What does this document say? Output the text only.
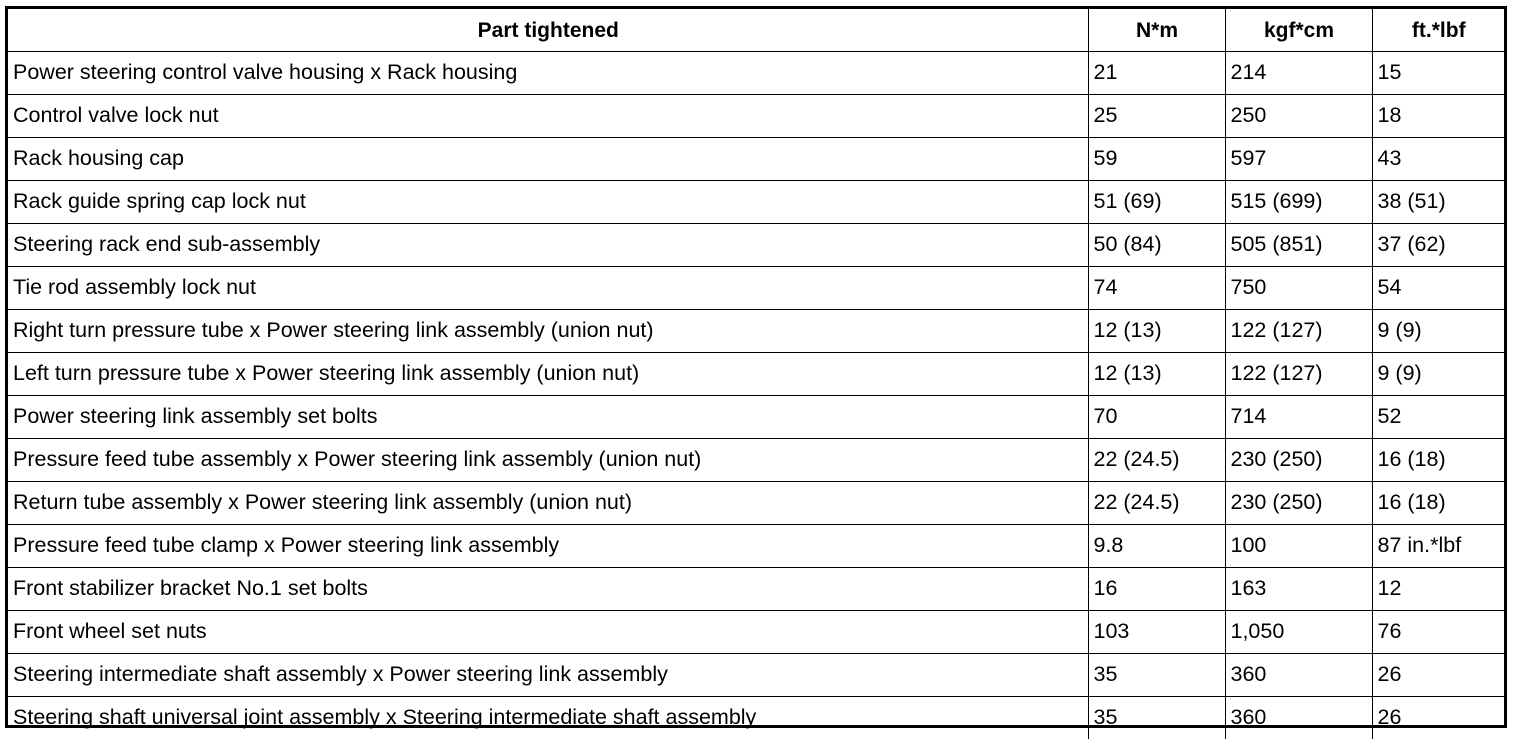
Part tightened	N*m	kgf*cm	ft.*lbf
Power steering control valve housing x Rack housing	21	214	15
Control valve lock nut	25	250	18
Rack housing cap	59	597	43
Rack guide spring cap lock nut	51 (69)	515 (699)	38 (51)
Steering rack end sub-assembly	50 (84)	505 (851)	37 (62)
Tie rod assembly lock nut	74	750	54
Right turn pressure tube x Power steering link assembly (union nut)	12 (13)	122 (127)	9 (9)
Left turn pressure tube x Power steering link assembly (union nut)	12 (13)	122 (127)	9 (9)
Power steering link assembly set bolts	70	714	52
Pressure feed tube assembly x Power steering link assembly (union nut)	22 (24.5)	230 (250)	16 (18)
Return tube assembly x Power steering link assembly (union nut)	22 (24.5)	230 (250)	16 (18)
Pressure feed tube clamp x Power steering link assembly	9.8	100	87 in.*lbf
Front stabilizer bracket No.1 set bolts	16	163	12
Front wheel set nuts	103	1,050	76
Steering intermediate shaft assembly x Power steering link assembly	35	360	26
Steering shaft universal joint assembly x Steering intermediate shaft assembly	35	360	26
